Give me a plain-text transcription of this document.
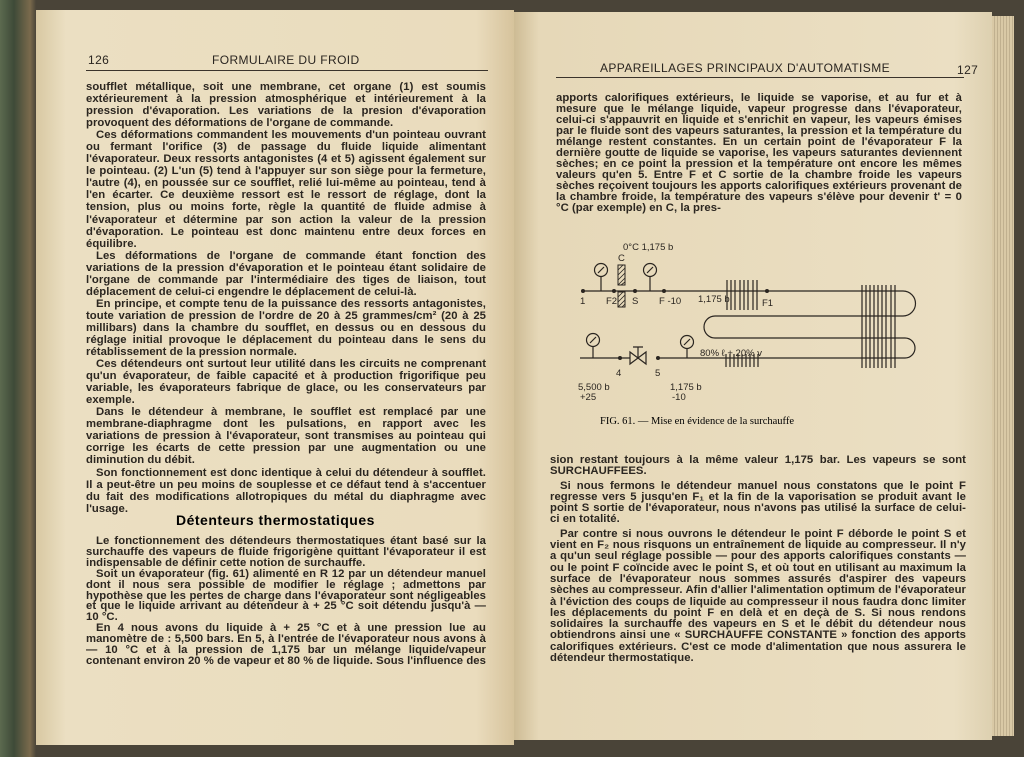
126	FORMULAIRE DU FROID

soufflet métallique, soit une membrane, cet organe (1) est soumis extérieurement à la pression atmosphérique et intérieurement à la pression d'évaporation. Les variations de la presion d'évaporation provoquent des déformations de l'organe de commande.

Ces déformations commandent les mouvements d'un pointeau ouvrant ou fermant l'orifice (3) de passage du fluide liquide alimentant l'évaporateur. Deux ressorts antagonistes (4 et 5) agissent également sur le pointeau. (2) L'un (5) tend à l'appuyer sur son siège pour la fermeture, l'autre (4), en poussée sur ce soufflet, relié lui-même au pointeau, tend à l'en écarter. Ce deuxième ressort est le ressort de réglage, dont la tension, plus ou moins forte, règle la quantité de fluide admise à l'évaporateur et détermine par son action la valeur de la pression d'évaporation. Le pointeau est donc maintenu entre deux forces en équilibre.

Les déformations de l'organe de commande étant fonction des variations de la pression d'évaporation et le pointeau étant solidaire de l'organe de commande par l'intermédiaire des tiges de liaison, tout déplacement de celui-ci engendre le déplacement de celui-là.

En principe, et compte tenu de la puissance des ressorts antagonistes, toute variation de pression de l'ordre de 20 à 25 grammes/cm² (20 à 25 millibars) dans la chambre du soufflet, en dessus ou en dessous du réglage initial provoque le déplacement du pointeau dans le sens du rétablissement de la pression normale.

Ces détendeurs ont surtout leur utilité dans les circuits ne comprenant qu'un évaporateur, de faible capacité et à production frigorifique peu variable, les évaporateurs fabrique de glace, ou les conservateurs par exemple.

Dans le détendeur à membrane, le soufflet est remplacé par une membrane-diaphragme dont les pulsations, en rapport avec les variations de pression à l'évaporateur, sont transmises au pointeau qui corrige les écarts de cette pression par une augmentation ou une diminution du débit.

Son fonctionnement est donc identique à celui du détendeur à soufflet. Il a peut-être un peu moins de souplesse et ce défaut tend à s'accentuer du fait des modifications allotropiques du métal du diaphragme avec l'usage.

Détenteurs thermostatiques

Le fonctionnement des détendeurs thermostatiques étant basé sur la surchauffe des vapeurs de fluide frigorigène quittant l'évaporateur il est indispensable de définir cette notion de surchauffe.

Soit un évaporateur (fig. 61) alimenté en R 12 par un détendeur manuel dont il nous sera possible de modifier le réglage ; admettons par hypothèse que les pertes de charge dans l'évaporateur sont négligeables et que le liquide arrivant au détendeur à + 25 °C soit détendu jusqu'à — 10 °C.

En 4 nous avons du liquide à + 25 °C et à une pression lue au manomètre de : 5,500 bars. En 5, à l'entrée de l'évaporateur nous avons à — 10 °C et à la pression de 1,175 bar un mélange liquide/vapeur contenant environ 20 % de vapeur et 80 % de liquide. Sous l'influence des

APPAREILLAGES PRINCIPAUX D'AUTOMATISME	127

apports calorifiques extérieurs, le liquide se vaporise, et au fur et à mesure que le mélange liquide, vapeur progresse dans l'évaporateur, celui-ci s'appauvrit en liquide et s'enrichit en vapeur, les vapeurs émises par le fluide sont des vapeurs saturantes, la pression et la température du mélange restent constantes. En un certain point de l'évaporateur F la dernière goutte de liquide se vaporise, les vapeurs saturantes deviennent sèches; en ce point la pression et la température ont encore les mêmes valeurs qu'en 5. Entre F et C sortie de la chambre froide les vapeurs sèches reçoivent toujours les apports calorifiques extérieurs provenant de la chambre froide, la température des vapeurs s'élève pour devenir t' = 0 °C (par exemple) en C, la pres-

0°C 1,175 b
C
1 F2 S F -10 1,175 b	F1
80% ℓ + 20% v
4	5
5,500 b
+25
1,175 b
-10
FIG. 61. — Mise en évidence de la surchauffe

sion restant toujours à la même valeur 1,175 bar. Les vapeurs se sont SURCHAUFFEES.

Si nous fermons le détendeur manuel nous constatons que le point F regresse vers 5 jusqu'en F₁ et la fin de la vaporisation se produit avant le point S sortie de l'évaporateur, nous n'avons pas utilisé la surface de celui-ci en totalité.

Par contre si nous ouvrons le détendeur le point F déborde le point S et vient en F₂ nous risquons un entraînement de liquide au compresseur. Il n'y a qu'un seul réglage possible — pour des apports calorifiques constants — ou le point F coïncide avec le point S, et où tout en utilisant au maximum la surface de l'évaporateur nous sommes assurés d'aspirer des vapeurs sèches au compresseur. Afin d'allier l'alimentation optimum de l'évaporateur à l'éviction des coups de liquide au compresseur il nous faudra donc limiter les déplacements du point F en delà et en deçà de S. Si nous rendons solidaires la surchauffe des vapeurs en S et le débit du détendeur nous obtiendrons ainsi une « SURCHAUFFE CONSTANTE » fonction des apports calorifiques extérieurs. C'est ce mode d'alimentation que nous assurera le détendeur thermostatique.
